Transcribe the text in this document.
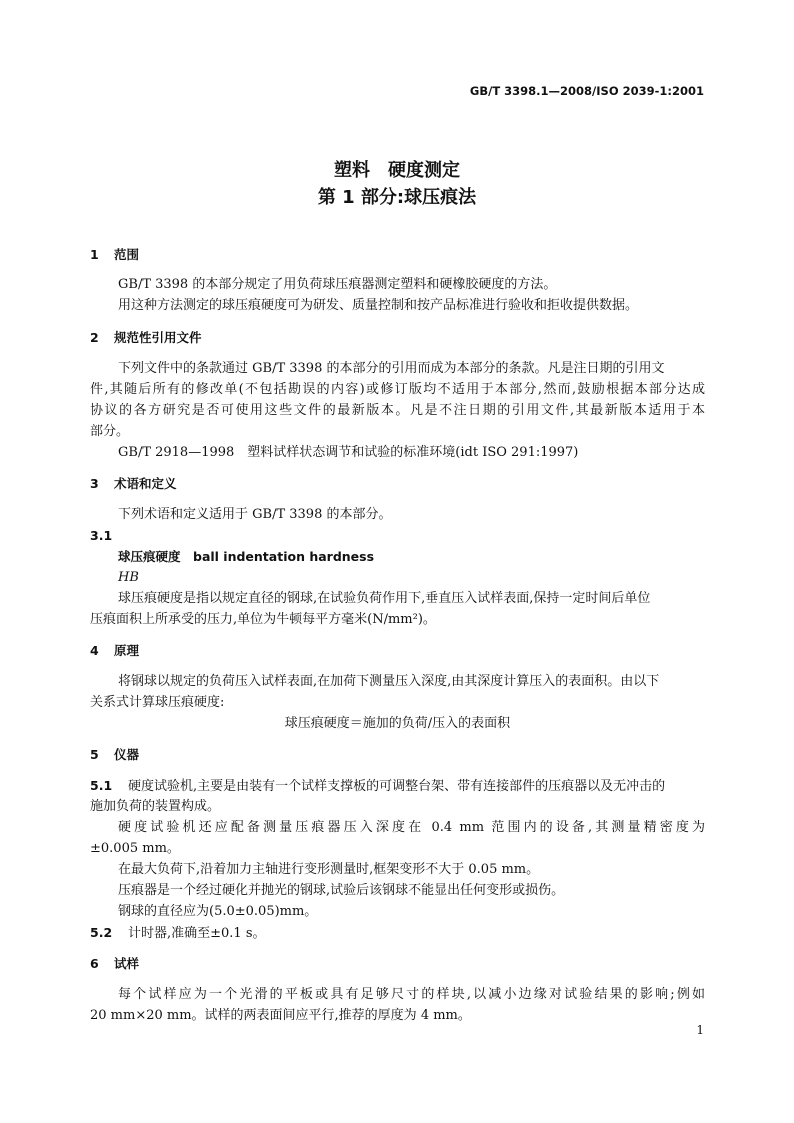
GB/T 3398.1—2008/ISO 2039-1:2001
塑料　硬度测定
第 1 部分:球压痕法
1 范围
GB/T 3398 的本部分规定了用负荷球压痕器测定塑料和硬橡胶硬度的方法。
用这种方法测定的球压痕硬度可为研发、质量控制和按产品标准进行验收和拒收提供数据。
2 规范性引用文件
下列文件中的条款通过 GB/T 3398 的本部分的引用而成为本部分的条款。凡是注日期的引用文
件,其随后所有的修改单(不包括勘误的内容)或修订版均不适用于本部分,然而,鼓励根据本部分达成
协议的各方研究是否可使用这些文件的最新版本。凡是不注日期的引用文件,其最新版本适用于本
部分。
GB/T 2918—1998　塑料试样状态调节和试验的标准环境(idt ISO 291:1997)
3 术语和定义
下列术语和定义适用于 GB/T 3398 的本部分。
3.1
球压痕硬度　ball indentation hardness
HB
球压痕硬度是指以规定直径的钢球,在试验负荷作用下,垂直压入试样表面,保持一定时间后单位
压痕面积上所承受的压力,单位为牛顿每平方毫米(N/mm²)。
4 原理
将钢球以规定的负荷压入试样表面,在加荷下测量压入深度,由其深度计算压入的表面积。由以下
关系式计算球压痕硬度:
球压痕硬度＝施加的负荷/压入的表面积
5 仪器
5.1 硬度试验机,主要是由装有一个试样支撑板的可调整台架、带有连接部件的压痕器以及无冲击的
施加负荷的装置构成。
硬度试验机还应配备测量压痕器压入深度在 0.4 mm 范围内的设备,其测量精密度为
±0.005 mm。
在最大负荷下,沿着加力主轴进行变形测量时,框架变形不大于 0.05 mm。
压痕器是一个经过硬化并抛光的钢球,试验后该钢球不能显出任何变形或损伤。
钢球的直径应为(5.0±0.05)mm。
5.2 计时器,准确至±0.1 s。
6 试样
每个试样应为一个光滑的平板或具有足够尺寸的样块,以减小边缘对试验结果的影响;例如
20 mm×20 mm。试样的两表面间应平行,推荐的厚度为 4 mm。
1
